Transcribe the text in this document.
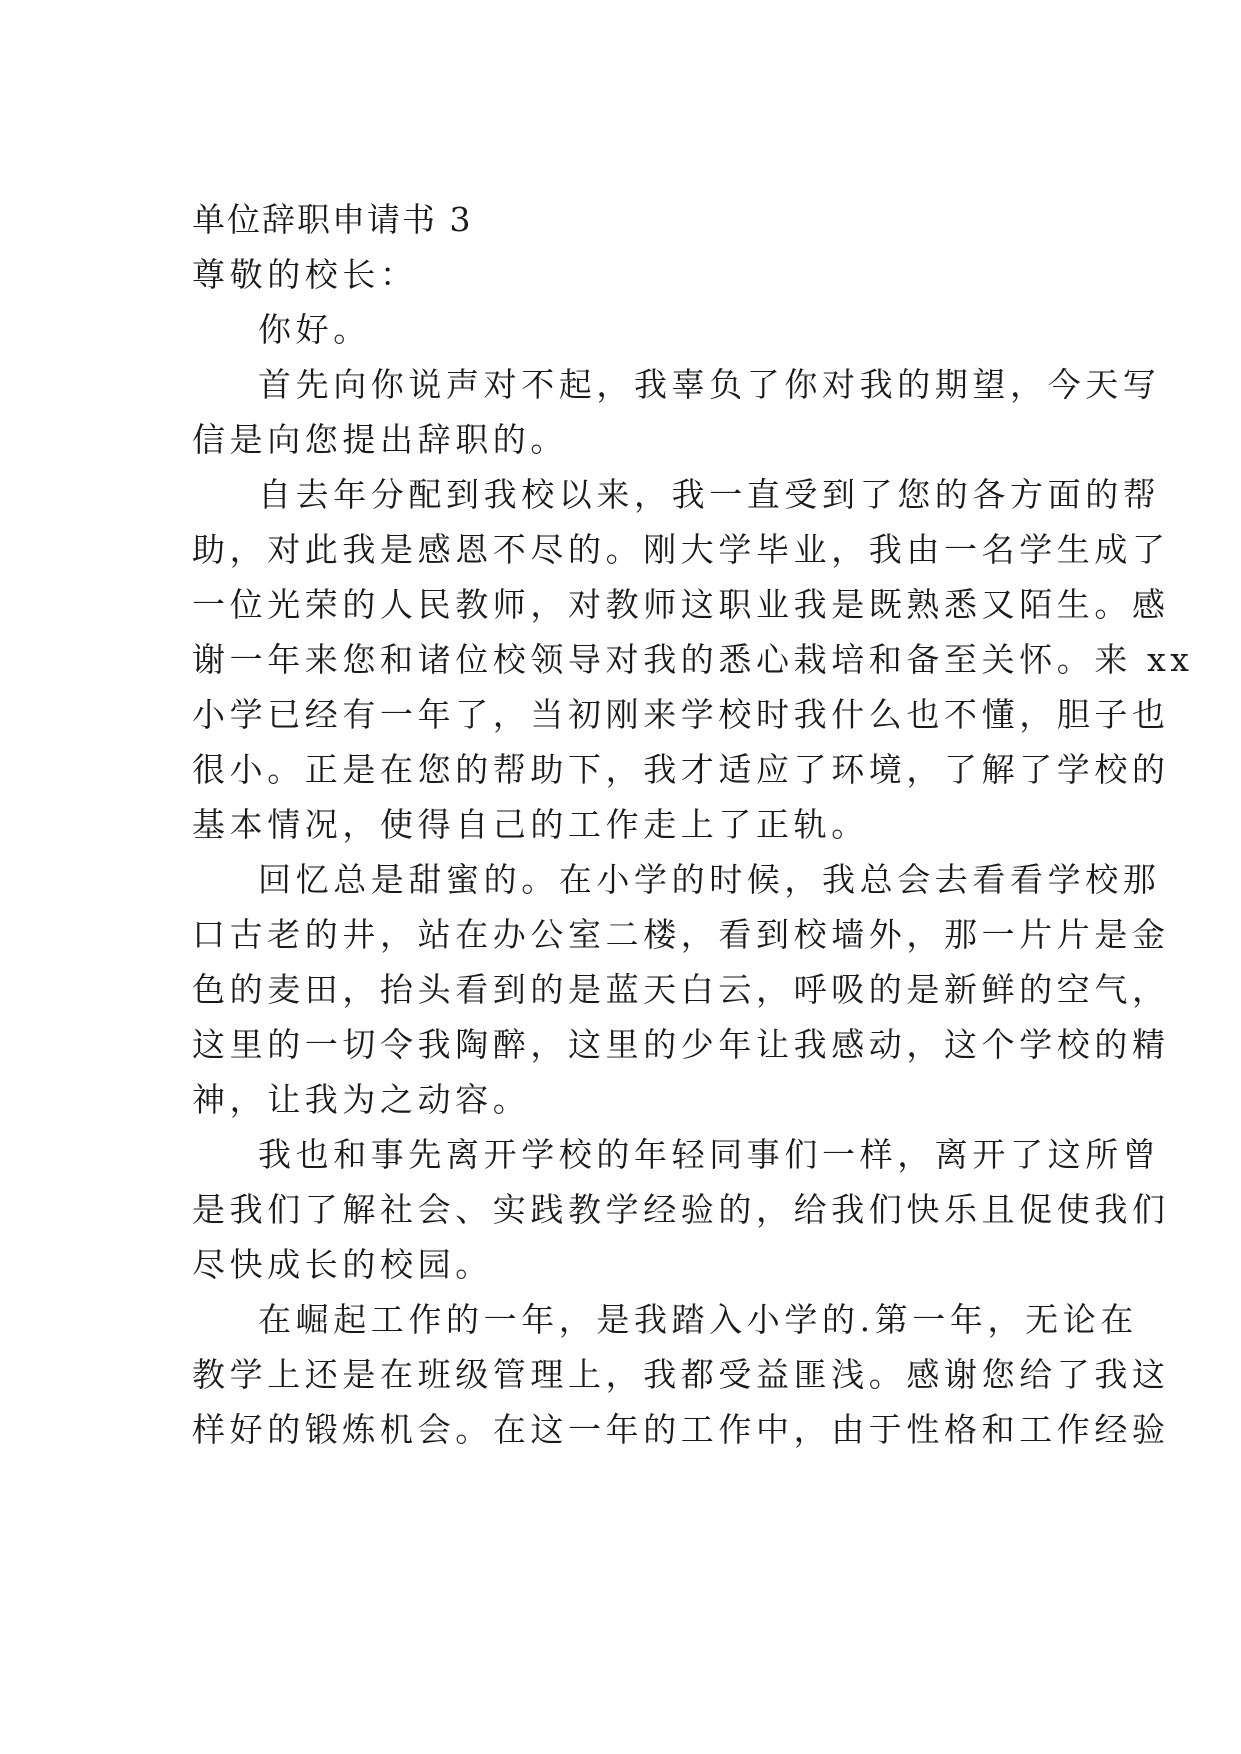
单位辞职申请书 3
尊敬的校长：
你好。
首先向你说声对不起，我辜负了你对我的期望，今天写
信是向您提出辞职的。
自去年分配到我校以来，我一直受到了您的各方面的帮
助，对此我是感恩不尽的。刚大学毕业，我由一名学生成了
一位光荣的人民教师，对教师这职业我是既熟悉又陌生。感
谢一年来您和诸位校领导对我的悉心栽培和备至关怀。来 xx
小学已经有一年了，当初刚来学校时我什么也不懂，胆子也
很小。正是在您的帮助下，我才适应了环境，了解了学校的
基本情况，使得自己的工作走上了正轨。
回忆总是甜蜜的。在小学的时候，我总会去看看学校那
口古老的井，站在办公室二楼，看到校墙外，那一片片是金
色的麦田，抬头看到的是蓝天白云，呼吸的是新鲜的空气，
这里的一切令我陶醉，这里的少年让我感动，这个学校的精
神，让我为之动容。
我也和事先离开学校的年轻同事们一样，离开了这所曾
是我们了解社会、实践教学经验的，给我们快乐且促使我们
尽快成长的校园。
在崛起工作的一年，是我踏入小学的.第一年，无论在
教学上还是在班级管理上，我都受益匪浅。感谢您给了我这
样好的锻炼机会。在这一年的工作中，由于性格和工作经验
